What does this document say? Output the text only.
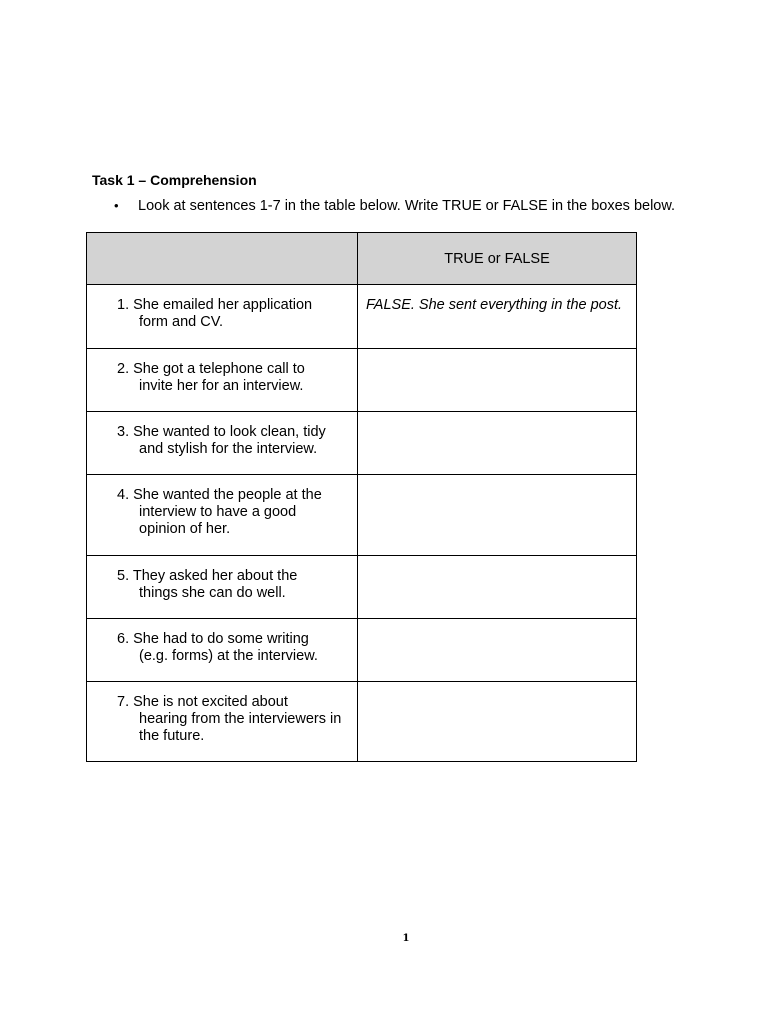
Task 1 – Comprehension
• Look at sentences 1-7 in the table below. Write TRUE or FALSE in the boxes below.
	TRUE or FALSE

1. She emailed her application
form and CV.	FALSE. She sent everything in the post.

2. She got a telephone call to
invite her for an interview.	

3. She wanted to look clean, tidy
and stylish for the interview.	

4. She wanted the people at the
interview to have a good opinion of her.	

5. They asked her about the
things she can do well.	

6. She had to do some writing
(e.g. forms) at the interview.	

7. She is not excited about
hearing from the interviewers in the future.	

1
